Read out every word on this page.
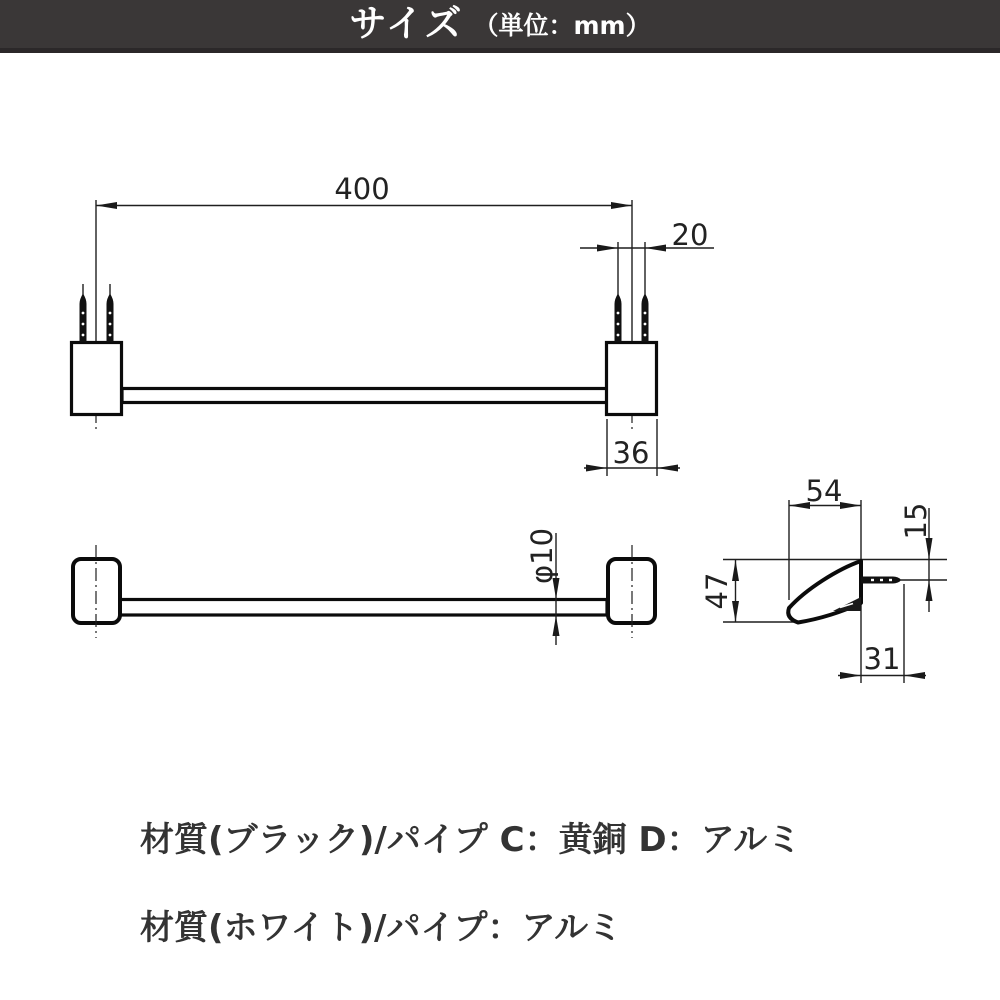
サイズ （単位：mm）
400
20
36
φ10
54
15
47
31
材質(ブラック)/パイプ C：黄銅 D：アルミ
材質(ホワイト)/パイプ：アルミ
